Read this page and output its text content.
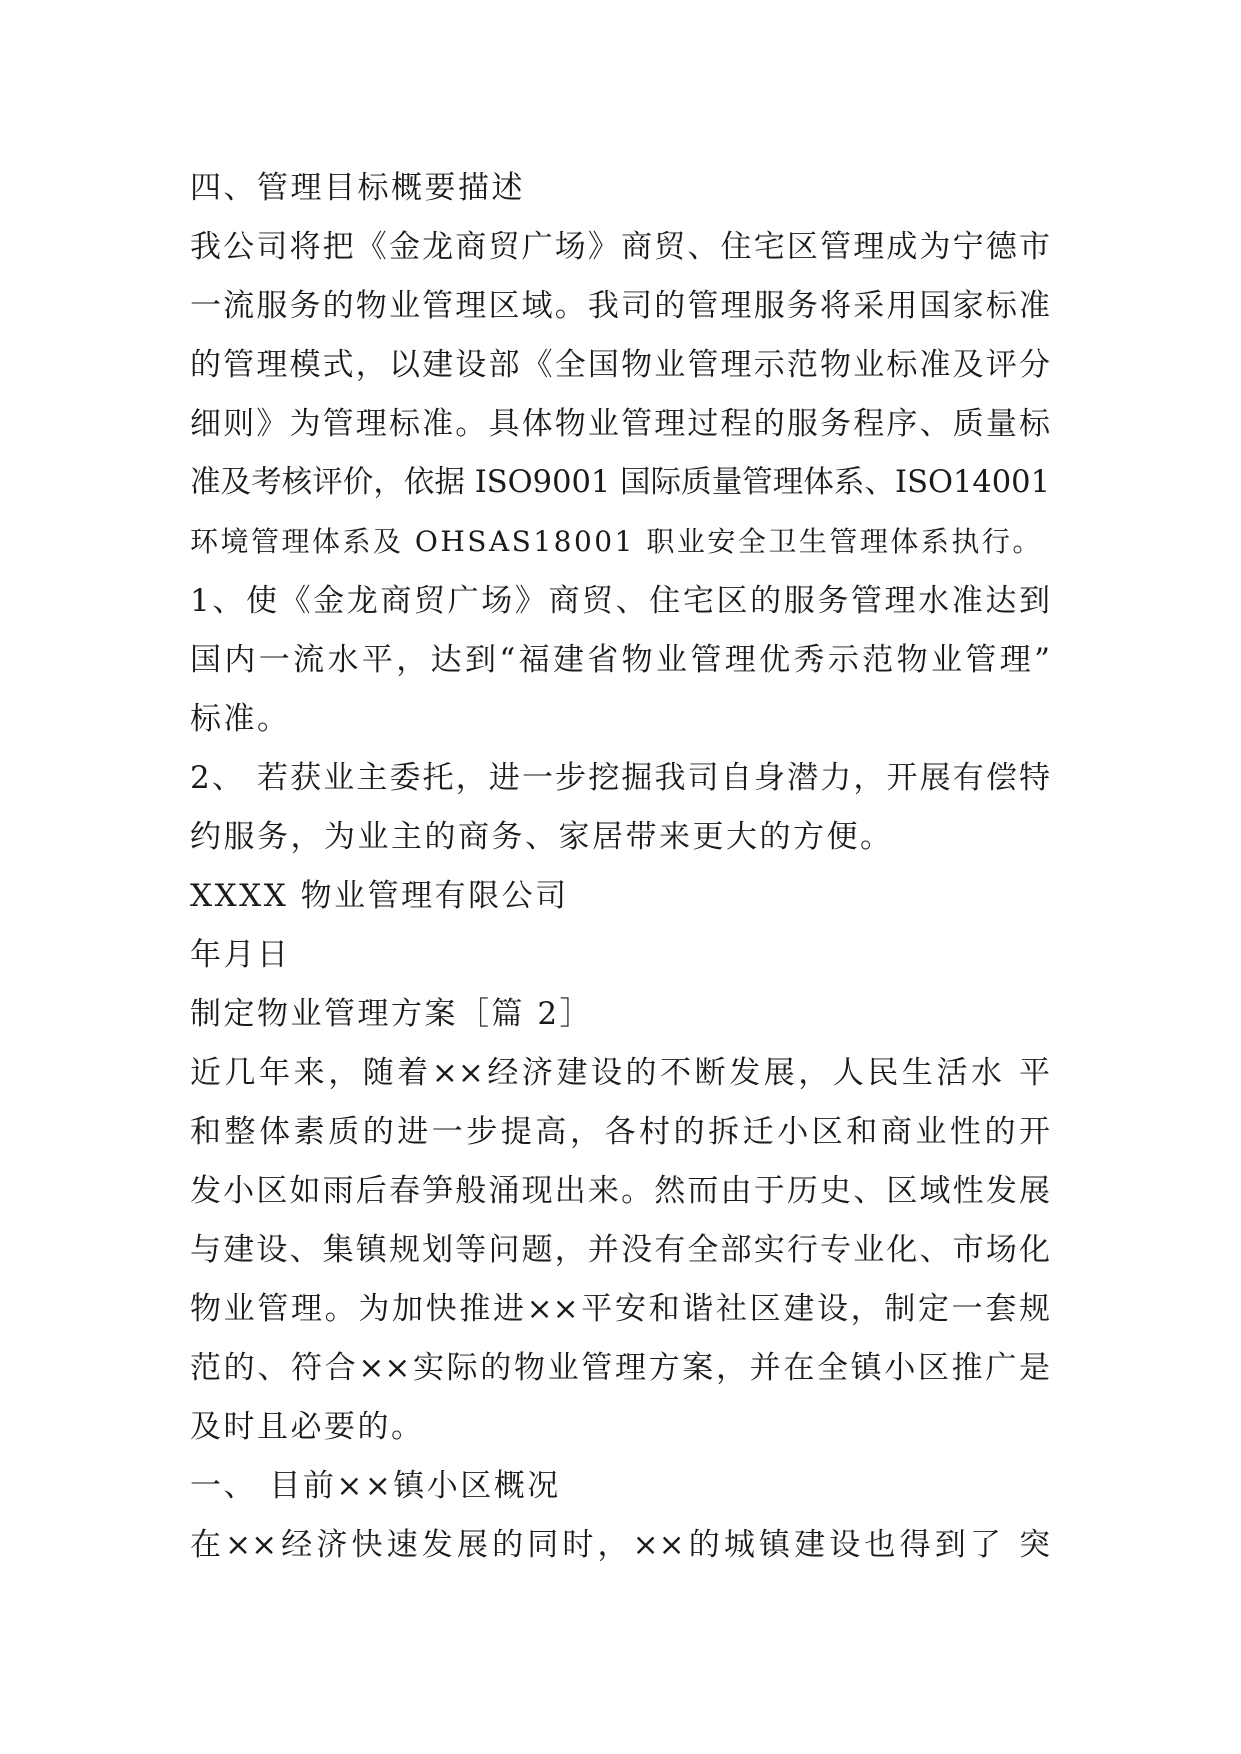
四、管理目标概要描述
我公司将把《金龙商贸广场》商贸、住宅区管理成为宁德市
一流服务的物业管理区域。我司的管理服务将采用国家标准
的管理模式，以建设部《全国物业管理示范物业标准及评分
细则》为管理标准。具体物业管理过程的服务程序、质量标
准及考核评价，依据 ISO9001 国际质量管理体系、ISO14001
环境管理体系及 OHSAS18001 职业安全卫生管理体系执行。
1、使《金龙商贸广场》商贸、住宅区的服务管理水准达到
国内一流水平，达到“福建省物业管理优秀示范物业管理”
标准。
2、 若获业主委托，进一步挖掘我司自身潜力，开展有偿特
约服务，为业主的商务、家居带来更大的方便。
XXXX 物业管理有限公司
年月日
制定物业管理方案［篇 2］
近几年来，随着××经济建设的不断发展，人民生活水 平
和整体素质的进一步提高，各村的拆迁小区和商业性的开
发小区如雨后春笋般涌现出来。然而由于历史、区域性发展
与建设、集镇规划等问题，并没有全部实行专业化、市场化
物业管理。为加快推进××平安和谐社区建设，制定一套规
范的、符合××实际的物业管理方案，并在全镇小区推广是
及时且必要的。
一、 目前××镇小区概况
在××经济快速发展的同时，××的城镇建设也得到了 突
